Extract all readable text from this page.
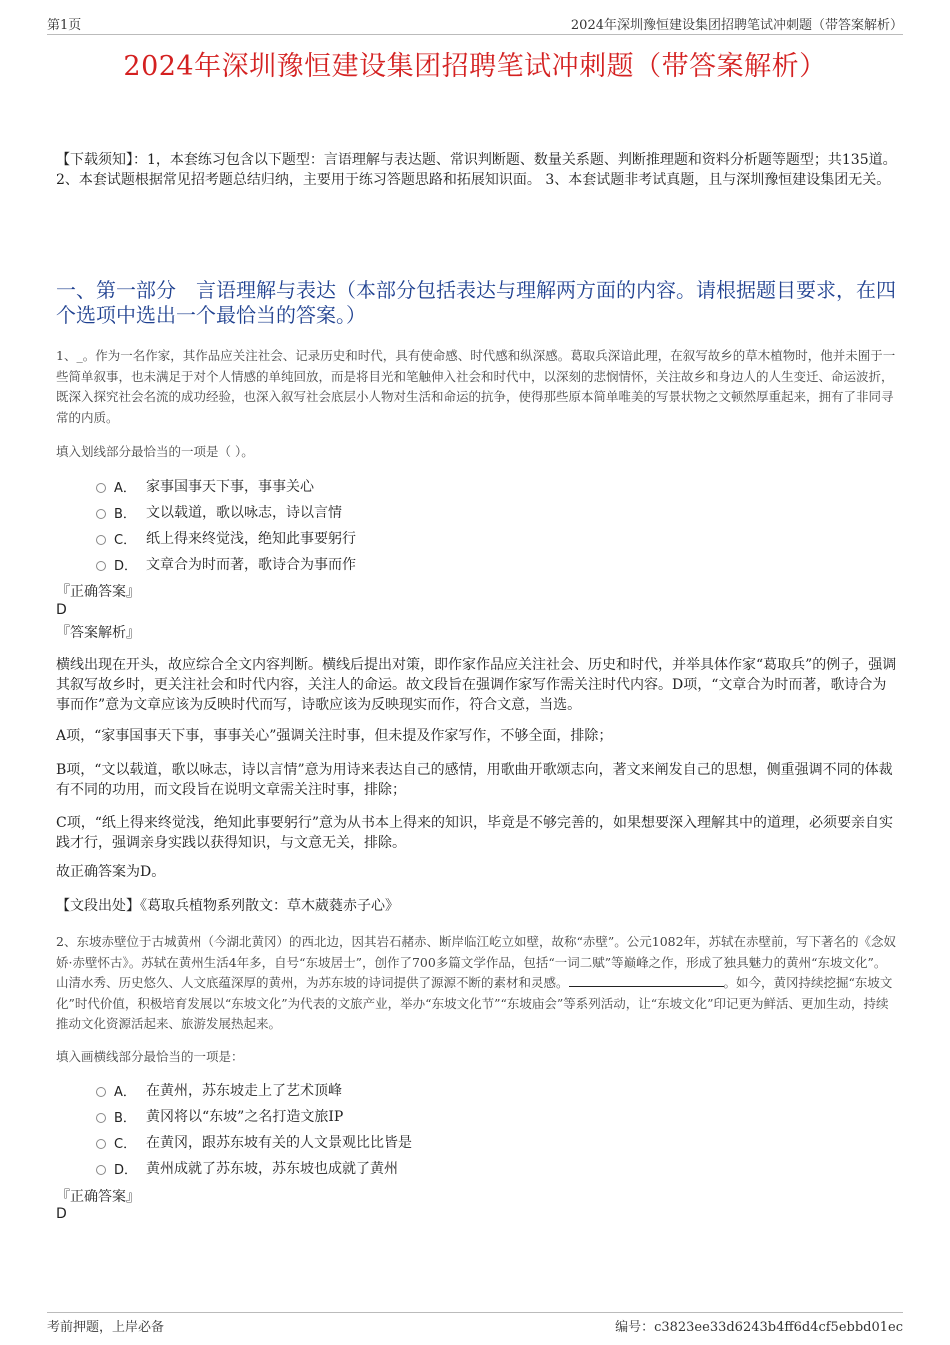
第1页	2024年深圳豫恒建设集团招聘笔试冲刺题（带答案解析）
2024年深圳豫恒建设集团招聘笔试冲刺题（带答案解析）
【下载须知】：1，本套练习包含以下题型：言语理解与表达题、常识判断题、数量关系题、判断推理题和资料分析题等题型；共135道。 2、本套试题根据常见招考题总结归纳，主要用于练习答题思路和拓展知识面。 3、本套试题非考试真题，且与深圳豫恒建设集团无关。
一、第一部分　言语理解与表达（本部分包括表达与理解两方面的内容。请根据题目要求，在四个选项中选出一个最恰当的答案。）
1、_。作为一名作家，其作品应关注社会、记录历史和时代，具有使命感、时代感和纵深感。葛取兵深谙此理，在叙写故乡的草木植物时，他并未囿于一些简单叙事，也未满足于对个人情感的单纯回放，而是将目光和笔触伸入社会和时代中，以深刻的悲悯情怀，关注故乡和身边人的人生变迁、命运波折，既深入探究社会名流的成功经验，也深入叙写社会底层小人物对生活和命运的抗争，使得那些原本简单唯美的写景状物之文顿然厚重起来，拥有了非同寻常的内质。
填入划线部分最恰当的一项是（ ）。
A． 家事国事天下事，事事关心
B． 文以载道，歌以咏志，诗以言情
C． 纸上得来终觉浅，绝知此事要躬行
D． 文章合为时而著，歌诗合为事而作
『正确答案』
D
『答案解析』
横线出现在开头，故应综合全文内容判断。横线后提出对策，即作家作品应关注社会、历史和时代，并举具体作家“葛取兵”的例子，强调其叙写故乡时，更关注社会和时代内容，关注人的命运。故文段旨在强调作家写作需关注时代内容。D项，“文章合为时而著，歌诗合为事而作”意为文章应该为反映时代而写，诗歌应该为反映现实而作，符合文意，当选。
A项，“家事国事天下事，事事关心”强调关注时事，但未提及作家写作，不够全面，排除；
B项，“文以载道，歌以咏志，诗以言情”意为用诗来表达自己的感情，用歌曲开歌颂志向，著文来阐发自己的思想，侧重强调不同的体裁有不同的功用，而文段旨在说明文章需关注时事，排除；
C项，“纸上得来终觉浅，绝知此事要躬行”意为从书本上得来的知识，毕竟是不够完善的，如果想要深入理解其中的道理，必须要亲自实践才行，强调亲身实践以获得知识，与文意无关，排除。
故正确答案为D。
【文段出处】《葛取兵植物系列散文：草木葳蕤赤子心》
2、东坡赤壁位于古城黄州（今湖北黄冈）的西北边，因其岩石赭赤、断岸临江屹立如壁，故称“赤壁”。公元1082年，苏轼在赤壁前，写下著名的《念奴娇·赤壁怀古》。苏轼在黄州生活4年多，自号“东坡居士”，创作了700多篇文学作品，包括“一词二赋”等巅峰之作，形成了独具魅力的黄州“东坡文化”。山清水秀、历史悠久、人文底蕴深厚的黄州，为苏东坡的诗词提供了源源不断的素材和灵感。	。如今，黄冈持续挖掘“东坡文化”时代价值，积极培育发展以“东坡文化”为代表的文旅产业，举办“东坡文化节”“东坡庙会”等系列活动，让“东坡文化”印记更为鲜活、更加生动，持续推动文化资源活起来、旅游发展热起来。
填入画横线部分最恰当的一项是：
A． 在黄州，苏东坡走上了艺术顶峰
B． 黄冈将以“东坡”之名打造文旅IP
C． 在黄冈，跟苏东坡有关的人文景观比比皆是
D． 黄州成就了苏东坡，苏东坡也成就了黄州
『正确答案』
D
考前押题，上岸必备	编号：c3823ee33d6243b4ff6d4cf5ebbd01ec
